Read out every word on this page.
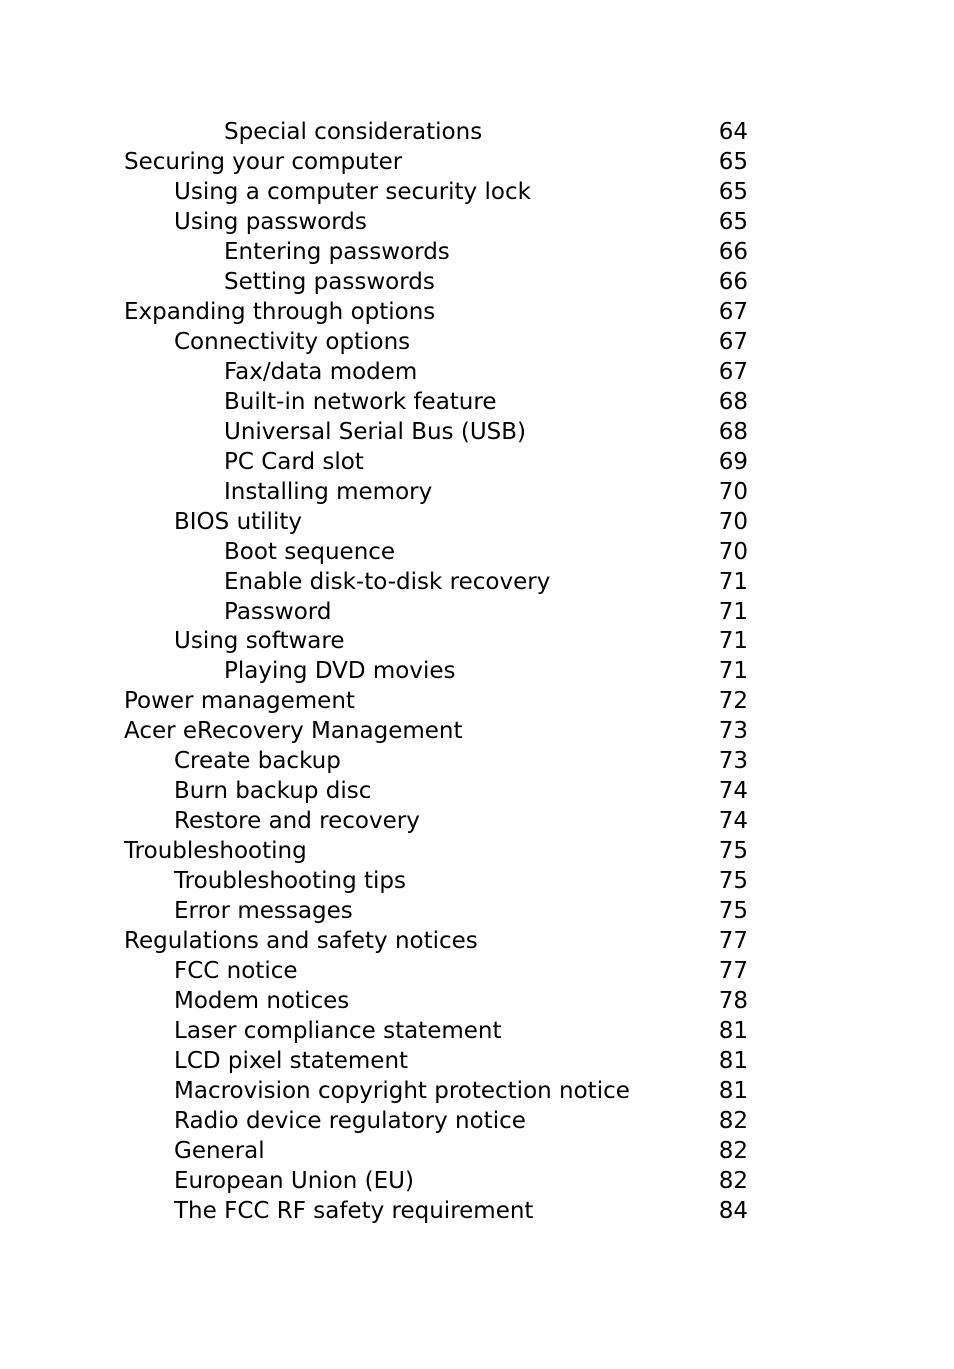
Special considerations	64
Securing your computer	65
Using a computer security lock	65
Using passwords	65
Entering passwords	66
Setting passwords	66
Expanding through options	67
Connectivity options	67
Fax/data modem	67
Built-in network feature	68
Universal Serial Bus (USB)	68
PC Card slot	69
Installing memory	70
BIOS utility	70
Boot sequence	70
Enable disk-to-disk recovery	71
Password	71
Using software	71
Playing DVD movies	71
Power management	72
Acer eRecovery Management	73
Create backup	73
Burn backup disc	74
Restore and recovery	74
Troubleshooting	75
Troubleshooting tips	75
Error messages	75
Regulations and safety notices	77
FCC notice	77
Modem notices	78
Laser compliance statement	81
LCD pixel statement	81
Macrovision copyright protection notice	81
Radio device regulatory notice	82
General	82
European Union (EU)	82
The FCC RF safety requirement	84
